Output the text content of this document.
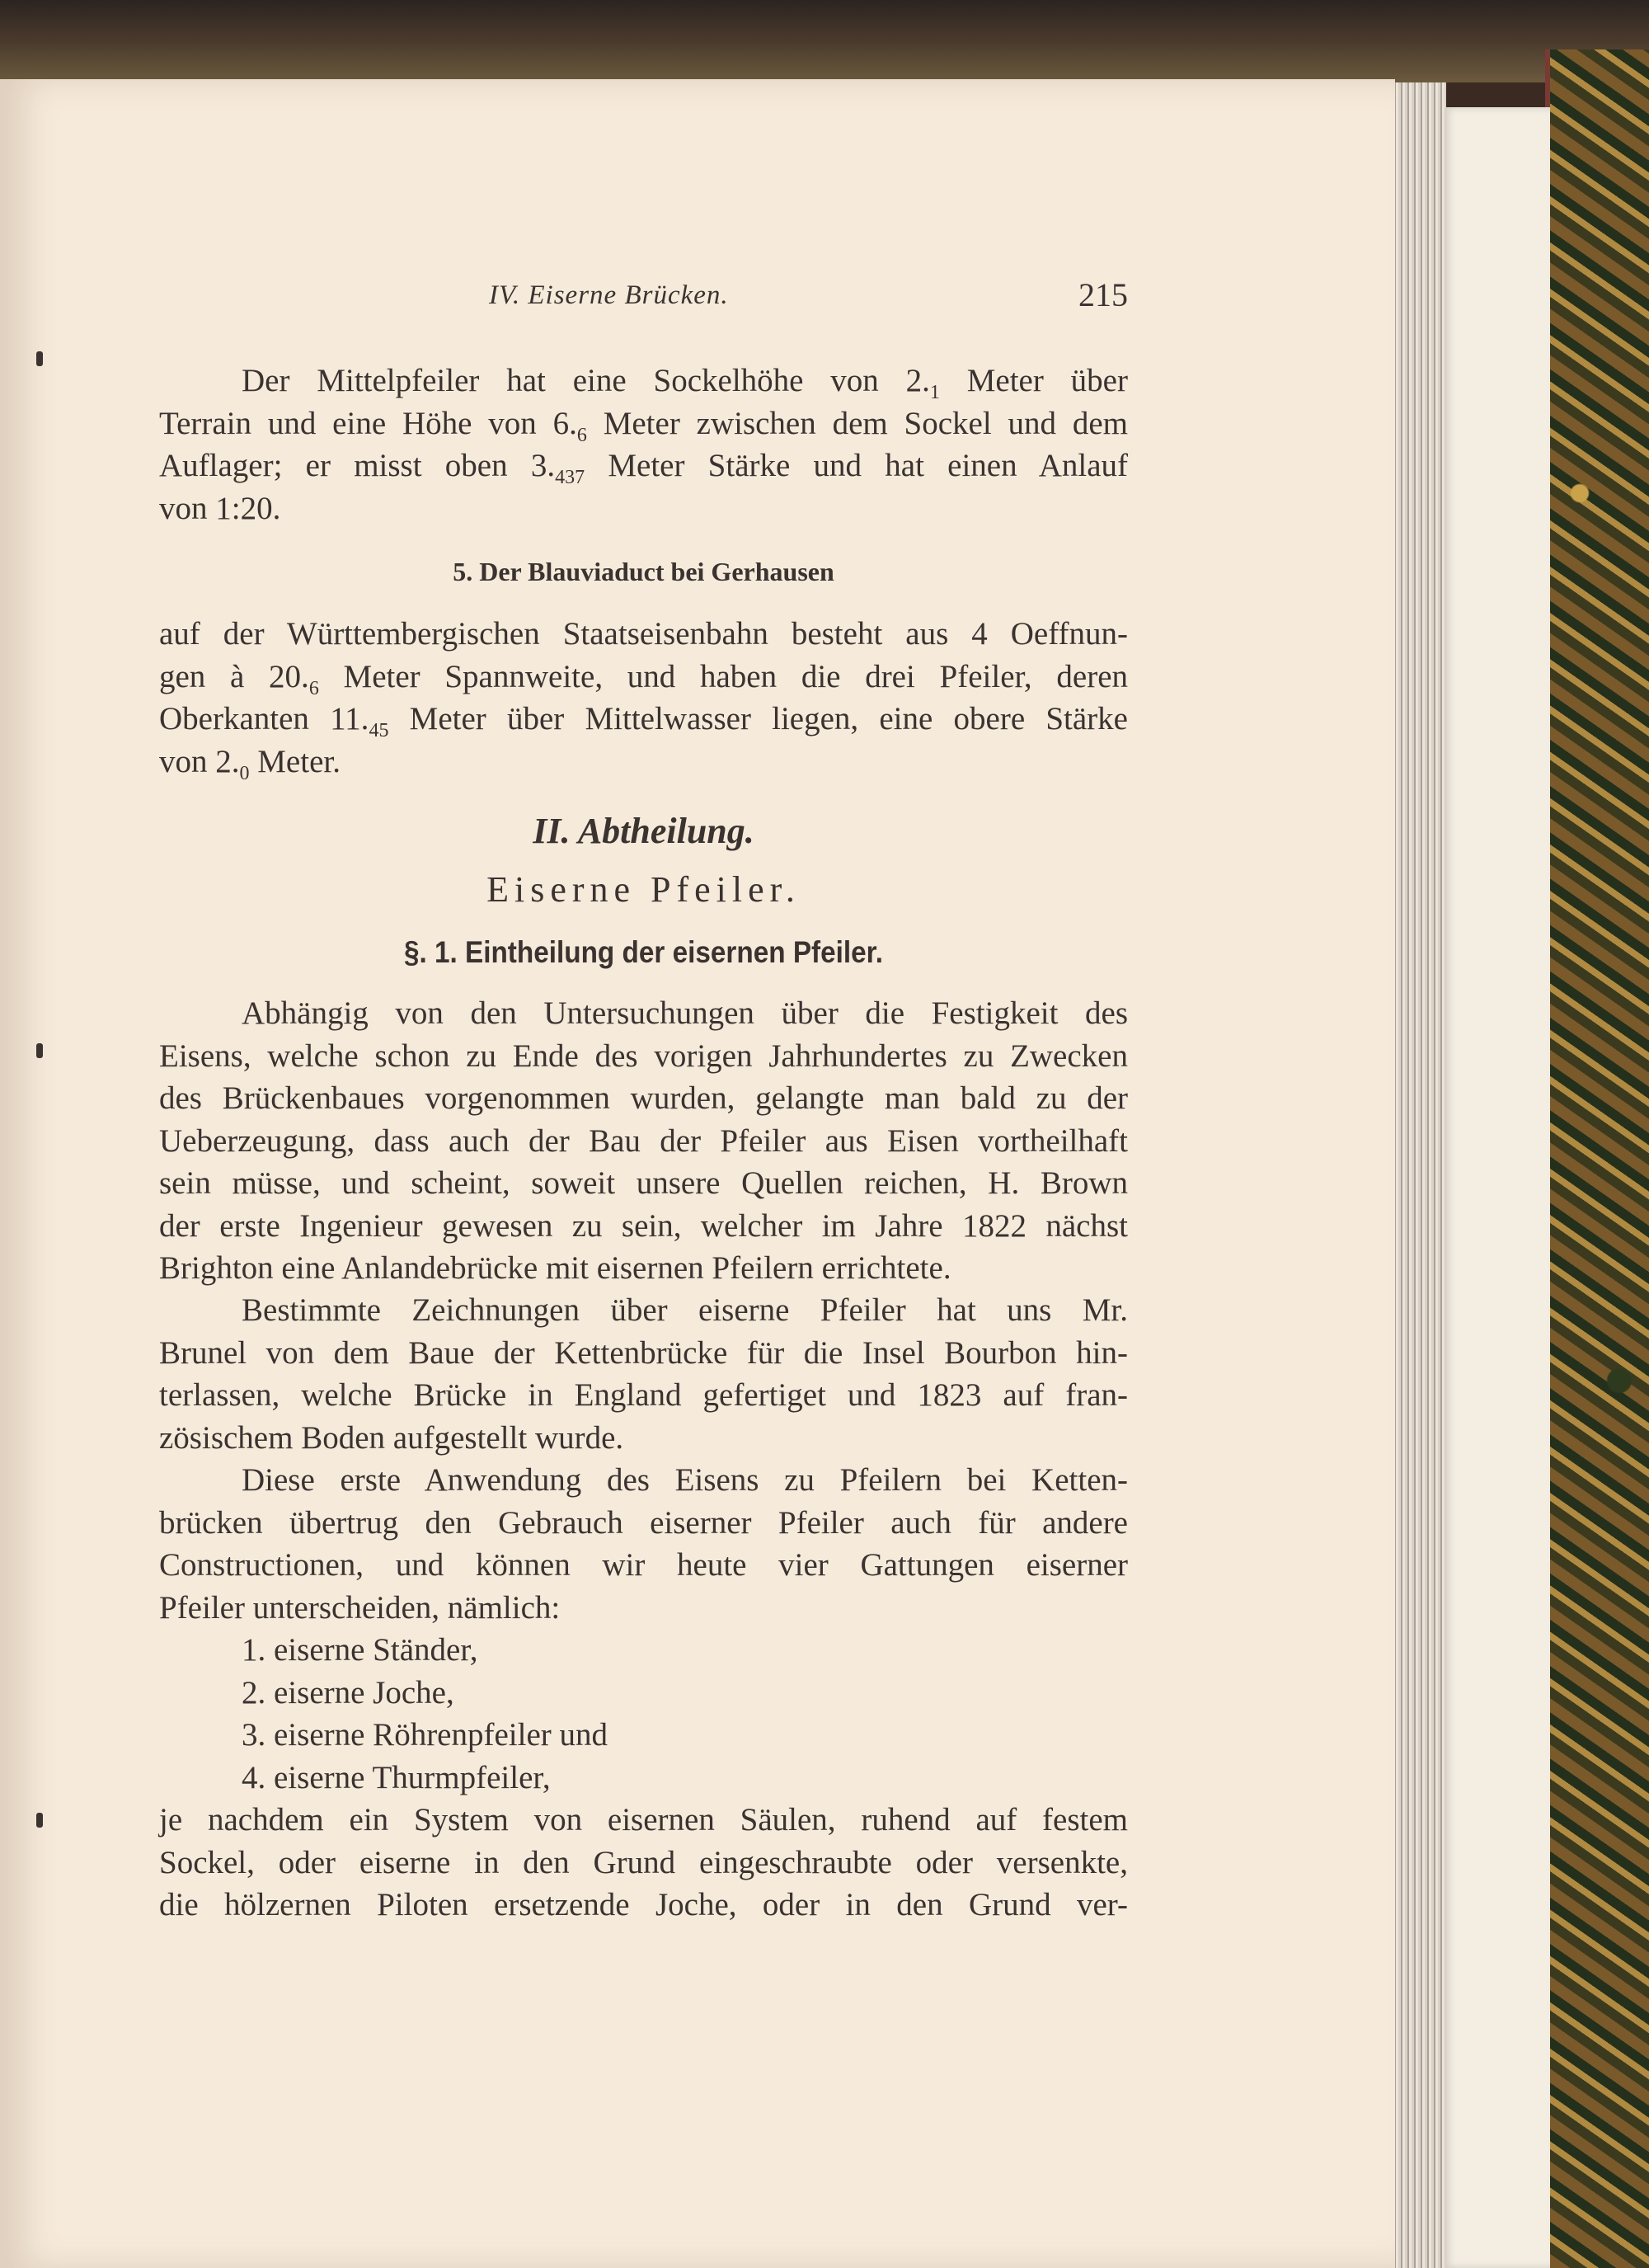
IV. Eiserne Brücken.	215
Der Mittelpfeiler hat eine Sockelhöhe von $2._1$ Meter über
Terrain und eine Höhe von $6._6$ Meter zwischen dem Sockel und dem
Auflager; er misst oben $3._{437}$ Meter Stärke und hat einen Anlauf
von 1:20.
5. Der Blauviaduct bei Gerhausen
auf der Württembergischen Staatseisenbahn besteht aus 4 Oeffnun-
gen à $20._6$ Meter Spannweite, und haben die drei Pfeiler, deren
Oberkanten $11._{45}$ Meter über Mittelwasser liegen, eine obere Stärke
von $2._0$ Meter.
II. Abtheilung.
Eiserne Pfeiler.
§. 1. Eintheilung der eisernen Pfeiler.
Abhängig von den Untersuchungen über die Festigkeit des
Eisens, welche schon zu Ende des vorigen Jahrhundertes zu Zwecken
des Brückenbaues vorgenommen wurden, gelangte man bald zu der
Ueberzeugung, dass auch der Bau der Pfeiler aus Eisen vortheilhaft
sein müsse, und scheint, soweit unsere Quellen reichen, H. Brown
der erste Ingenieur gewesen zu sein, welcher im Jahre 1822 nächst
Brighton eine Anlandebrücke mit eisernen Pfeilern errichtete.
Bestimmte Zeichnungen über eiserne Pfeiler hat uns Mr.
Brunel von dem Baue der Kettenbrücke für die Insel Bourbon hin-
terlassen, welche Brücke in England gefertiget und 1823 auf fran-
zösischem Boden aufgestellt wurde.
Diese erste Anwendung des Eisens zu Pfeilern bei Ketten-
brücken übertrug den Gebrauch eiserner Pfeiler auch für andere
Constructionen, und können wir heute vier Gattungen eiserner
Pfeiler unterscheiden, nämlich:
1. eiserne Ständer,
2. eiserne Joche,
3. eiserne Röhrenpfeiler und
4. eiserne Thurmpfeiler,
je nachdem ein System von eisernen Säulen, ruhend auf festem
Sockel, oder eiserne in den Grund eingeschraubte oder versenkte,
die hölzernen Piloten ersetzende Joche, oder in den Grund ver-
